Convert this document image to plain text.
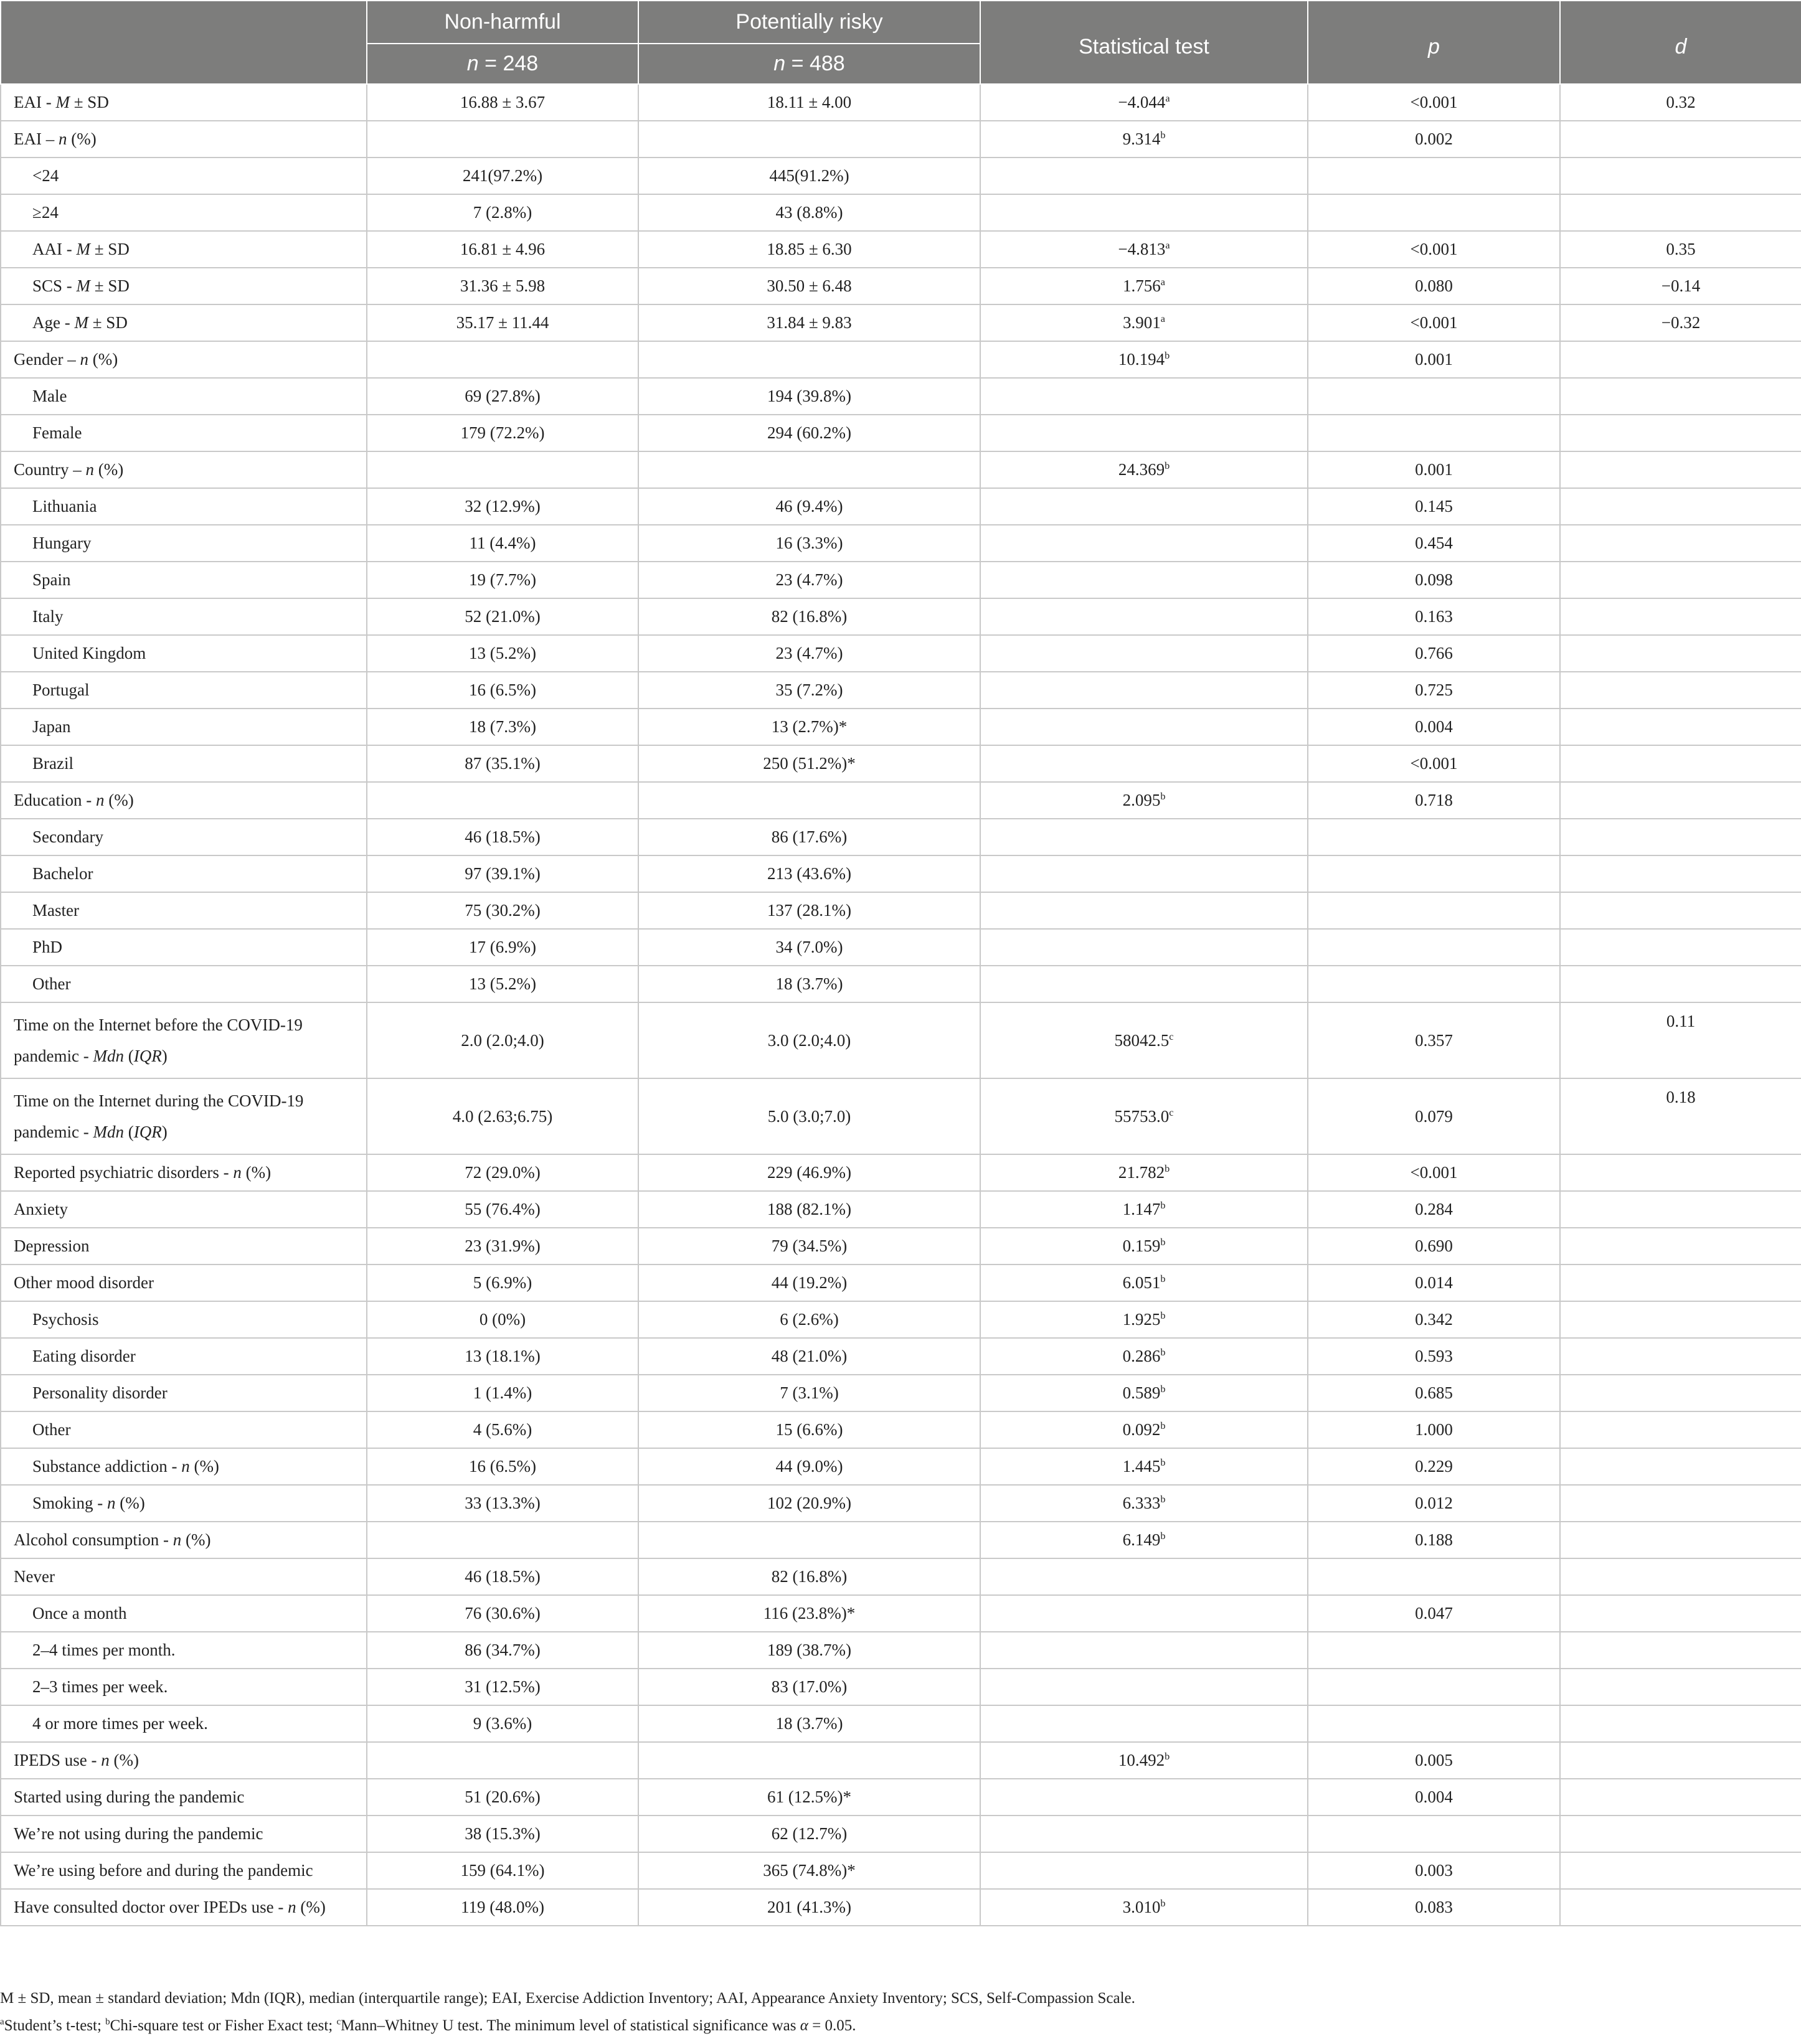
	Non-harmful	Potentially risky	Statistical test	p	d
	n = 248	n = 488			
EAI - M ± SD	16.88 ± 3.67	18.11 ± 4.00	−4.044$^a$	<0.001	0.32
EAI – n (%)			9.314$^b$	0.002	
<24	241(97.2%)	445(91.2%)			
≥24	7 (2.8%)	43 (8.8%)			
AAI - M ± SD	16.81 ± 4.96	18.85 ± 6.30	−4.813$^a$	<0.001	0.35
SCS - M ± SD	31.36 ± 5.98	30.50 ± 6.48	1.756$^a$	0.080	−0.14
Age - M ± SD	35.17 ± 11.44	31.84 ± 9.83	3.901$^a$	<0.001	−0.32
Gender – n (%)			10.194$^b$	0.001	
Male	69 (27.8%)	194 (39.8%)			
Female	179 (72.2%)	294 (60.2%)			
Country – n (%)			24.369$^b$	0.001	
Lithuania	32 (12.9%)	46 (9.4%)		0.145	
Hungary	11 (4.4%)	16 (3.3%)		0.454	
Spain	19 (7.7%)	23 (4.7%)		0.098	
Italy	52 (21.0%)	82 (16.8%)		0.163	
United Kingdom	13 (5.2%)	23 (4.7%)		0.766	
Portugal	16 (6.5%)	35 (7.2%)		0.725	
Japan	18 (7.3%)	13 (2.7%)*		0.004	
Brazil	87 (35.1%)	250 (51.2%)*		<0.001	
Education - n (%)			2.095$^b$	0.718	
Secondary	46 (18.5%)	86 (17.6%)			
Bachelor	97 (39.1%)	213 (43.6%)			
Master	75 (30.2%)	137 (28.1%)			
PhD	17 (6.9%)	34 (7.0%)			
Other	13 (5.2%)	18 (3.7%)			
Time on the Internet before the COVID-19 pandemic - Mdn (IQR)	2.0 (2.0;4.0)	3.0 (2.0;4.0)	58042.5$^c$	0.357	0.11
Time on the Internet during the COVID-19 pandemic - Mdn (IQR)	4.0 (2.63;6.75)	5.0 (3.0;7.0)	55753.0$^c$	0.079	0.18
Reported psychiatric disorders - n (%)	72 (29.0%)	229 (46.9%)	21.782$^b$	<0.001	
Anxiety	55 (76.4%)	188 (82.1%)	1.147$^b$	0.284	
Depression	23 (31.9%)	79 (34.5%)	0.159$^b$	0.690	
Other mood disorder	5 (6.9%)	44 (19.2%)	6.051$^b$	0.014	
Psychosis	0 (0%)	6 (2.6%)	1.925$^b$	0.342	
Eating disorder	13 (18.1%)	48 (21.0%)	0.286$^b$	0.593	
Personality disorder	1 (1.4%)	7 (3.1%)	0.589$^b$	0.685	
Other	4 (5.6%)	15 (6.6%)	0.092$^b$	1.000	
Substance addiction - n (%)	16 (6.5%)	44 (9.0%)	1.445$^b$	0.229	
Smoking - n (%)	33 (13.3%)	102 (20.9%)	6.333$^b$	0.012	
Alcohol consumption - n (%)			6.149$^b$	0.188	
Never	46 (18.5%)	82 (16.8%)			
Once a month	76 (30.6%)	116 (23.8%)*		0.047	
2–4 times per month.	86 (34.7%)	189 (38.7%)			
2–3 times per week.	31 (12.5%)	83 (17.0%)			
4 or more times per week.	9 (3.6%)	18 (3.7%)			
IPEDS use - n (%)			10.492$^b$	0.005	
Started using during the pandemic	51 (20.6%)	61 (12.5%)*		0.004	
We’re not using during the pandemic	38 (15.3%)	62 (12.7%)			
We’re using before and during the pandemic	159 (64.1%)	365 (74.8%)*		0.003	
Have consulted doctor over IPEDs use - n (%)	119 (48.0%)	201 (41.3%)	3.010$^b$	0.083	
M ± SD, mean ± standard deviation; Mdn (IQR), median (interquartile range); EAI, Exercise Addiction Inventory; AAI, Appearance Anxiety Inventory; SCS, Self-Compassion Scale.
$^a$Student’s t-test; $^b$Chi-square test or Fisher Exact test; $^c$Mann–Whitney U test. The minimum level of statistical significance was α = 0.05.
